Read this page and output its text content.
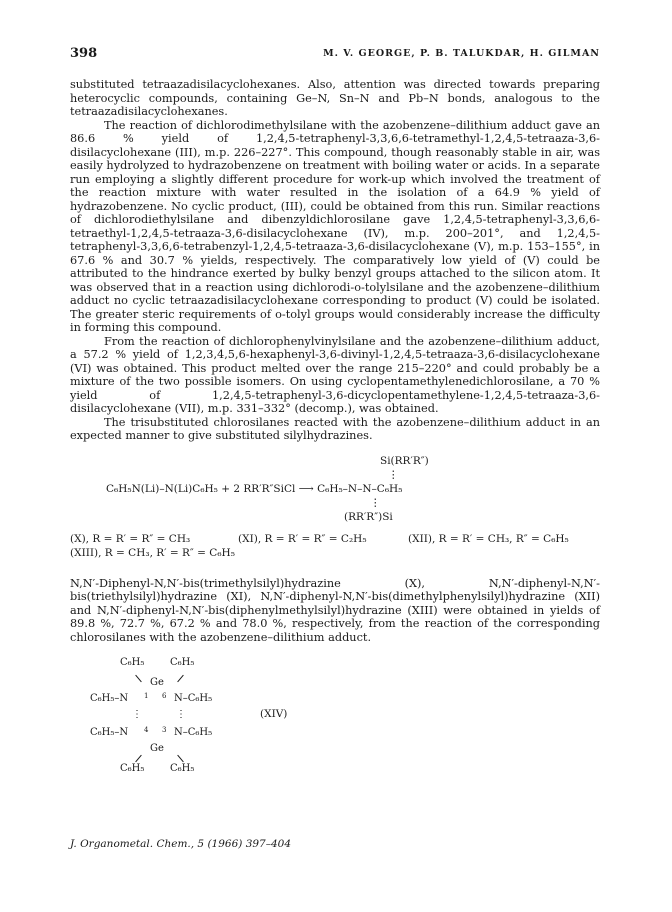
398	M. V. GEORGE, P. B. TALUKDAR, H. GILMAN

substituted tetraazadisilacyclohexanes. Also, attention was directed towards preparing heterocyclic compounds, containing Ge–N, Sn–N and Pb–N bonds, analogous to the tetraazadisilacyclohexanes.

The reaction of dichlorodimethylsilane with the azobenzene–dilithium adduct gave an 86.6 % yield of 1,2,4,5-tetraphenyl-3,3,6,6-tetramethyl-1,2,4,5-tetraaza-3,6-disilacyclohexane (III), m.p. 226–227°. This compound, though reasonably stable in air, was easily hydrolyzed to hydrazobenzene on treatment with boiling water or acids. In a separate run employing a slightly different procedure for work-up which involved the treatment of the reaction mixture with water resulted in the isolation of a 64.9 % yield of hydrazobenzene. No cyclic product, (III), could be obtained from this run. Similar reactions of dichlorodiethylsilane and dibenzyldichlorosilane gave 1,2,4,5-tetraphenyl-3,3,6,6-tetraethyl-1,2,4,5-tetraaza-3,6-disilacyclohexane (IV), m.p. 200–201°, and 1,2,4,5-tetraphenyl-3,3,6,6-tetrabenzyl-1,2,4,5-tetraaza-3,6-disilacyclohexane (V), m.p. 153–155°, in 67.6 % and 30.7 % yields, respectively. The comparatively low yield of (V) could be attributed to the hindrance exerted by bulky benzyl groups attached to the silicon atom. It was observed that in a reaction using dichlorodi-o-tolylsilane and the azobenzene–dilithium adduct no cyclic tetraazadisilacyclohexane corresponding to product (V) could be isolated. The greater steric requirements of o-tolyl groups would considerably increase the difficulty in forming this compound.

From the reaction of dichlorophenylvinylsilane and the azobenzene–dilithium adduct, a 57.2 % yield of 1,2,3,4,5,6-hexaphenyl-3,6-divinyl-1,2,4,5-tetraaza-3,6-disilacyclohexane (VI) was obtained. This product melted over the range 215–220° and could probably be a mixture of the two possible isomers. On using cyclopentamethylenedichlorosilane, a 70 % yield of 1,2,4,5-tetraphenyl-3,6-dicyclopentamethylene-1,2,4,5-tetraaza-3,6-disilacyclohexane (VII), m.p. 331–332° (decomp.), was obtained.

The trisubstituted chlorosilanes reacted with the azobenzene–dilithium adduct in an expected manner to give substituted silylhydrazines.

Si(RR′R″)
⋮
C₆H₅N(Li)–N(Li)C₆H₅ + 2 RR′R″SiCl ⟶ C₆H₅–N–N–C₆H₅
⋮
(RR′R″)Si
(X), R = R′ = R″ = CH₃	(XI), R = R′ = R″ = C₂H₅	(XII), R = R′ = CH₃, R″ = C₆H₅
(XIII), R = CH₃, R′ = R″ = C₆H₅

N,N′-Diphenyl-N,N′-bis(trimethylsilyl)hydrazine (X), N,N′-diphenyl-N,N′-bis(triethylsilyl)hydrazine (XI), N,N′-diphenyl-N,N′-bis(dimethylphenylsilyl)hydrazine (XII) and N,N′-diphenyl-N,N′-bis(diphenylmethylsilyl)hydrazine (XIII) were obtained in yields of 89.8 %, 72.7 %, 67.2 % and 78.0 %, respectively, from the reaction of the corresponding chlorosilanes with the azobenzene–dilithium adduct.

C₆H₅	C₆H₅
Ge
C₆H₅–N 1 6 N–C₆H₅
⋮	⋮
C₆H₅–N 4 3 N–C₆H₅
Ge
C₆H₅	C₆H₅
(XIV)
J. Organometal. Chem., 5 (1966) 397–404
